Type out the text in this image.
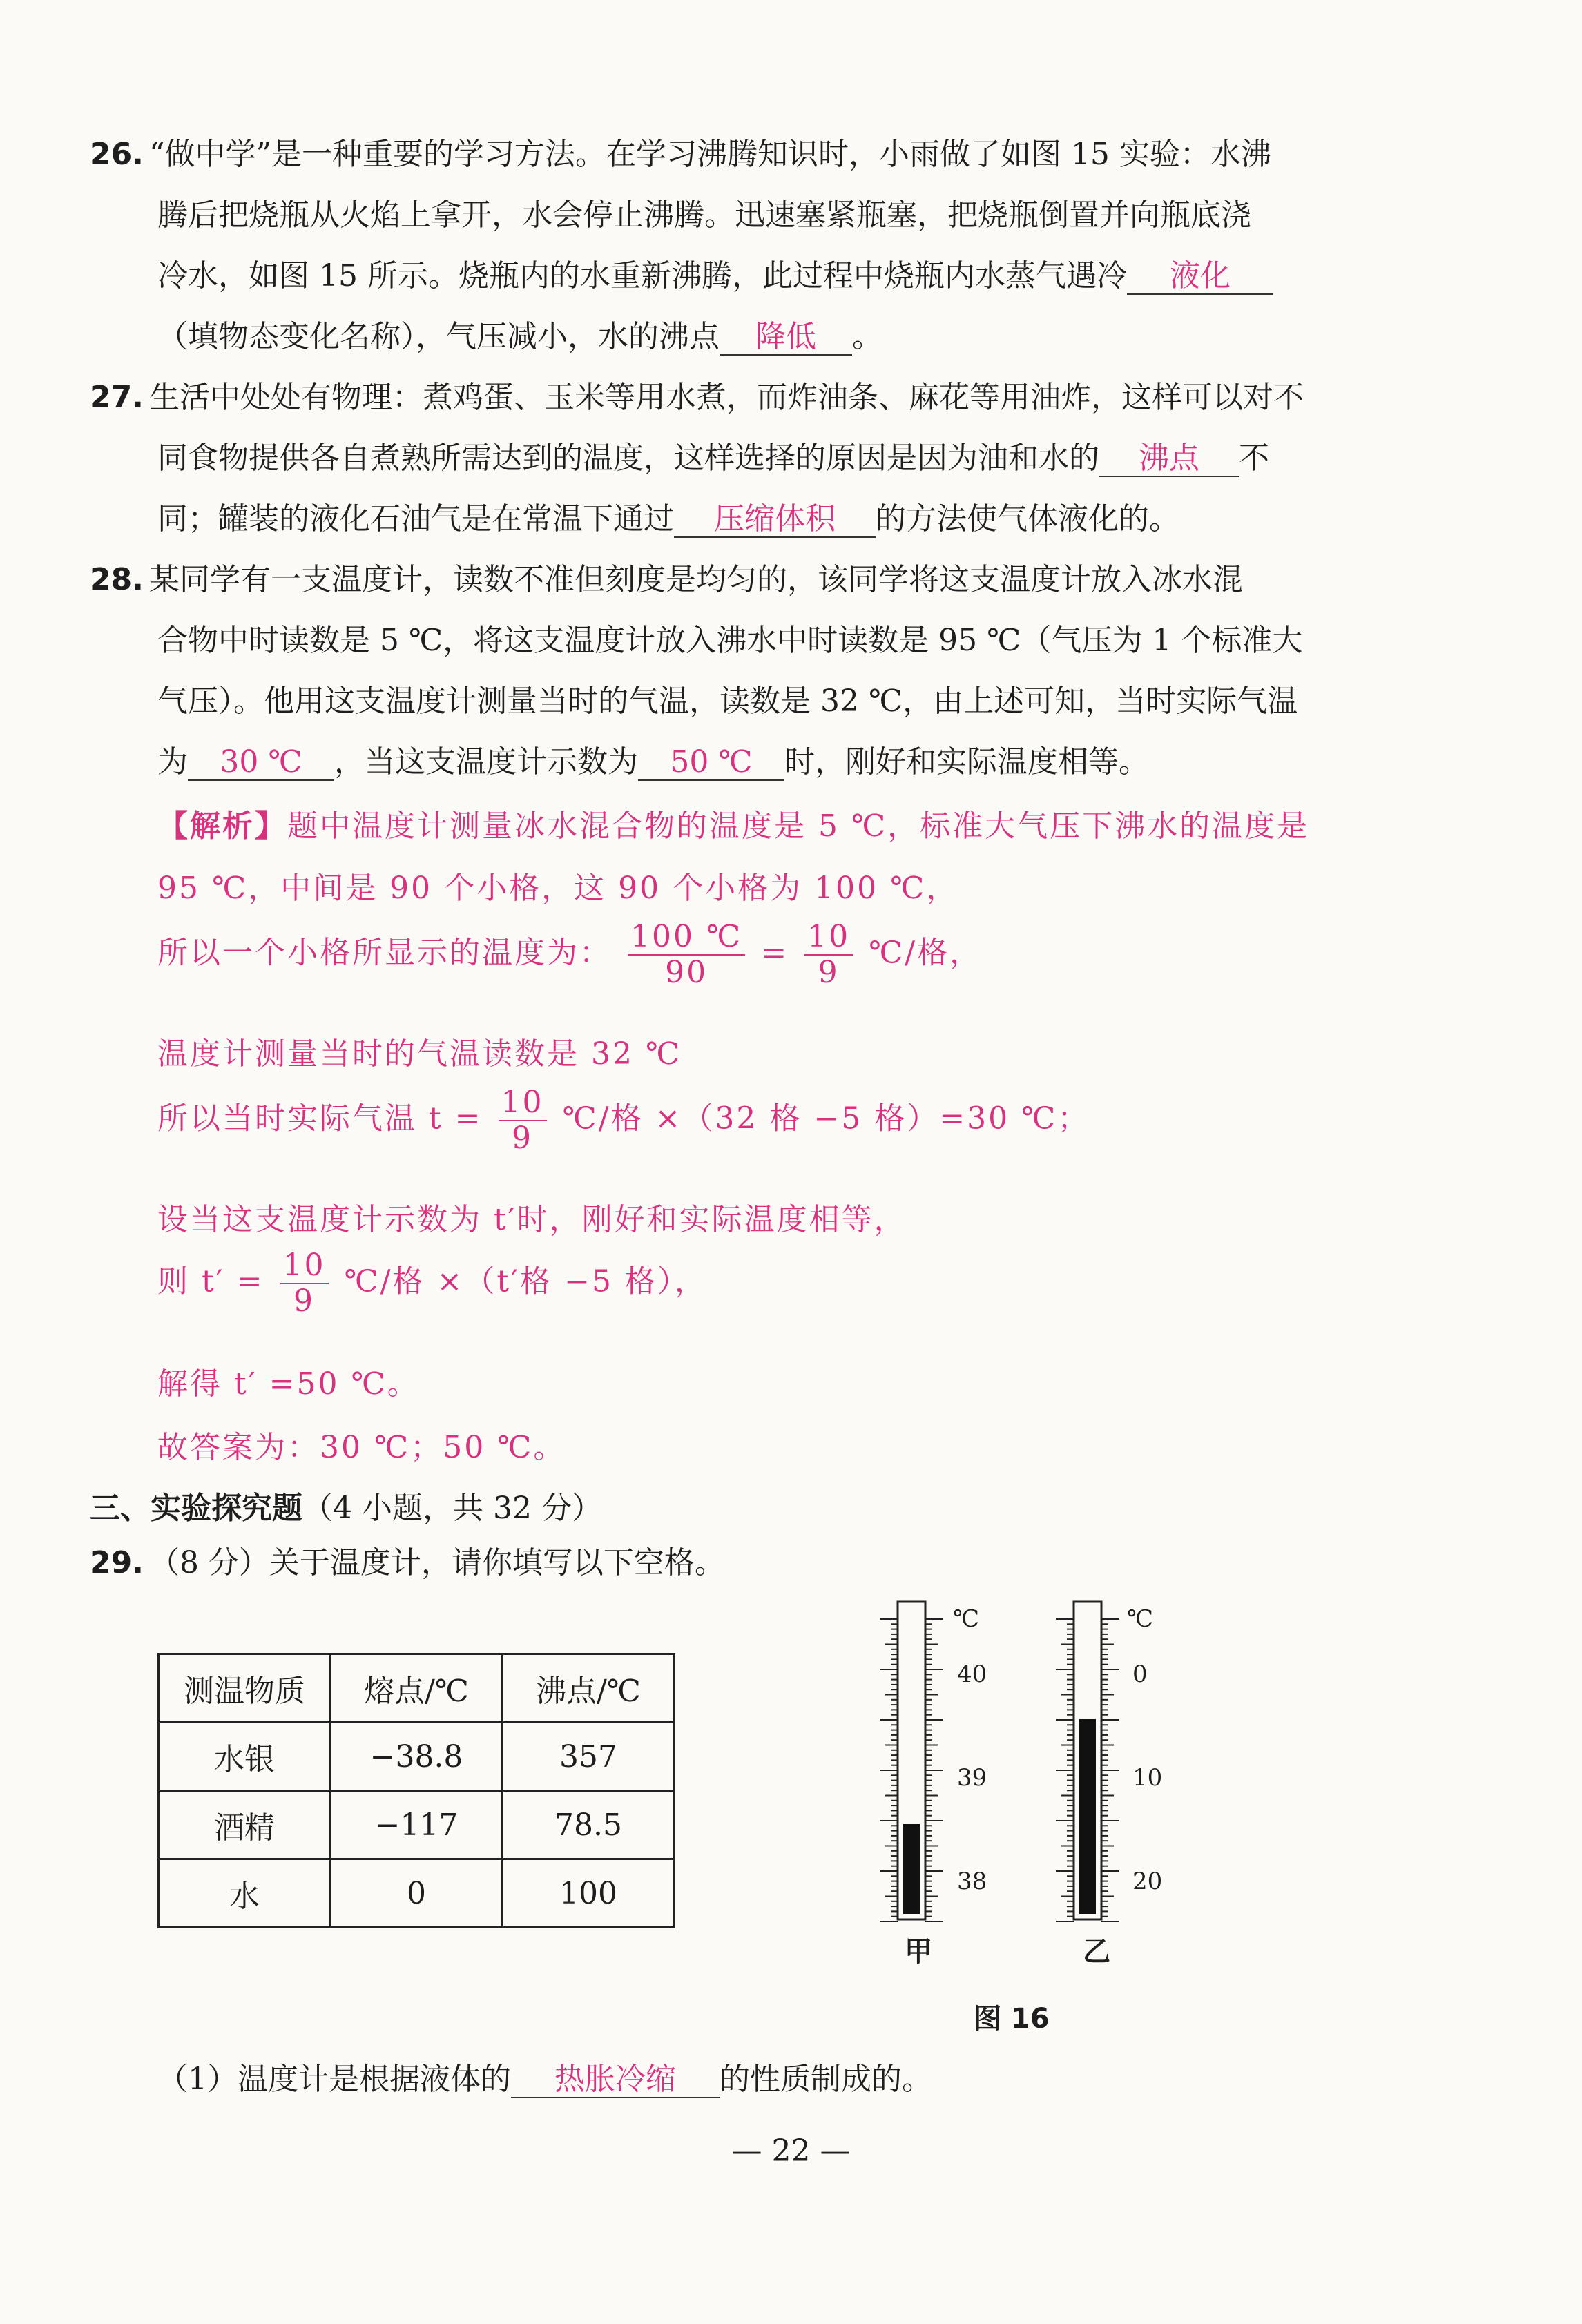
26. “做中学”是一种重要的学习方法。在学习沸腾知识时，小雨做了如图 15 实验：水沸
腾后把烧瓶从火焰上拿开，水会停止沸腾。迅速塞紧瓶塞，把烧瓶倒置并向瓶底浇
冷水，如图 15 所示。烧瓶内的水重新沸腾，此过程中烧瓶内水蒸气遇冷 液化
（填物态变化名称），气压减小，水的沸点 降低 。
27. 生活中处处有物理：煮鸡蛋、玉米等用水煮，而炸油条、麻花等用油炸，这样可以对不
同食物提供各自煮熟所需达到的温度，这样选择的原因是因为油和水的 沸点 不
同；罐装的液化石油气是在常温下通过 压缩体积 的方法使气体液化的。
28. 某同学有一支温度计，读数不准但刻度是均匀的，该同学将这支温度计放入冰水混
合物中时读数是 5 ℃，将这支温度计放入沸水中时读数是 95 ℃（气压为 1 个标准大
气压）。他用这支温度计测量当时的气温，读数是 32 ℃，由上述可知，当时实际气温
为 30 ℃ ，当这支温度计示数为 50 ℃ 时，刚好和实际温度相等。
【解析】题中温度计测量冰水混合物的温度是 5 ℃，标准大气压下沸水的温度是
95 ℃，中间是 90 个小格，这 90 个小格为 100 ℃，
所以一个小格所显示的温度为： $\frac{100 ℃}{90} = \frac{10}{9}$ ℃/格，
温度计测量当时的气温读数是 32 ℃
所以当时实际气温 $t = \frac{10}{9}$ ℃/格 ×（32 格 −5 格）=30 ℃；
设当这支温度计示数为 t′时，刚好和实际温度相等，
则 $t' = \frac{10}{9}$ ℃/格 ×（t′格 −5 格），
解得 t′ =50 ℃。
故答案为：30 ℃；50 ℃。
三、实验探究题（4 小题，共 32 分）
29. （8 分）关于温度计，请你填写以下空格。
测温物质	熔点/℃	沸点/℃
水银	−38.8	357
酒精	−117	78.5
水	0	100
℃
40
39
38
甲
℃
0
10
20
乙
图 16
（1）温度计是根据液体的 热胀冷缩 的性质制成的。
— 22 —
